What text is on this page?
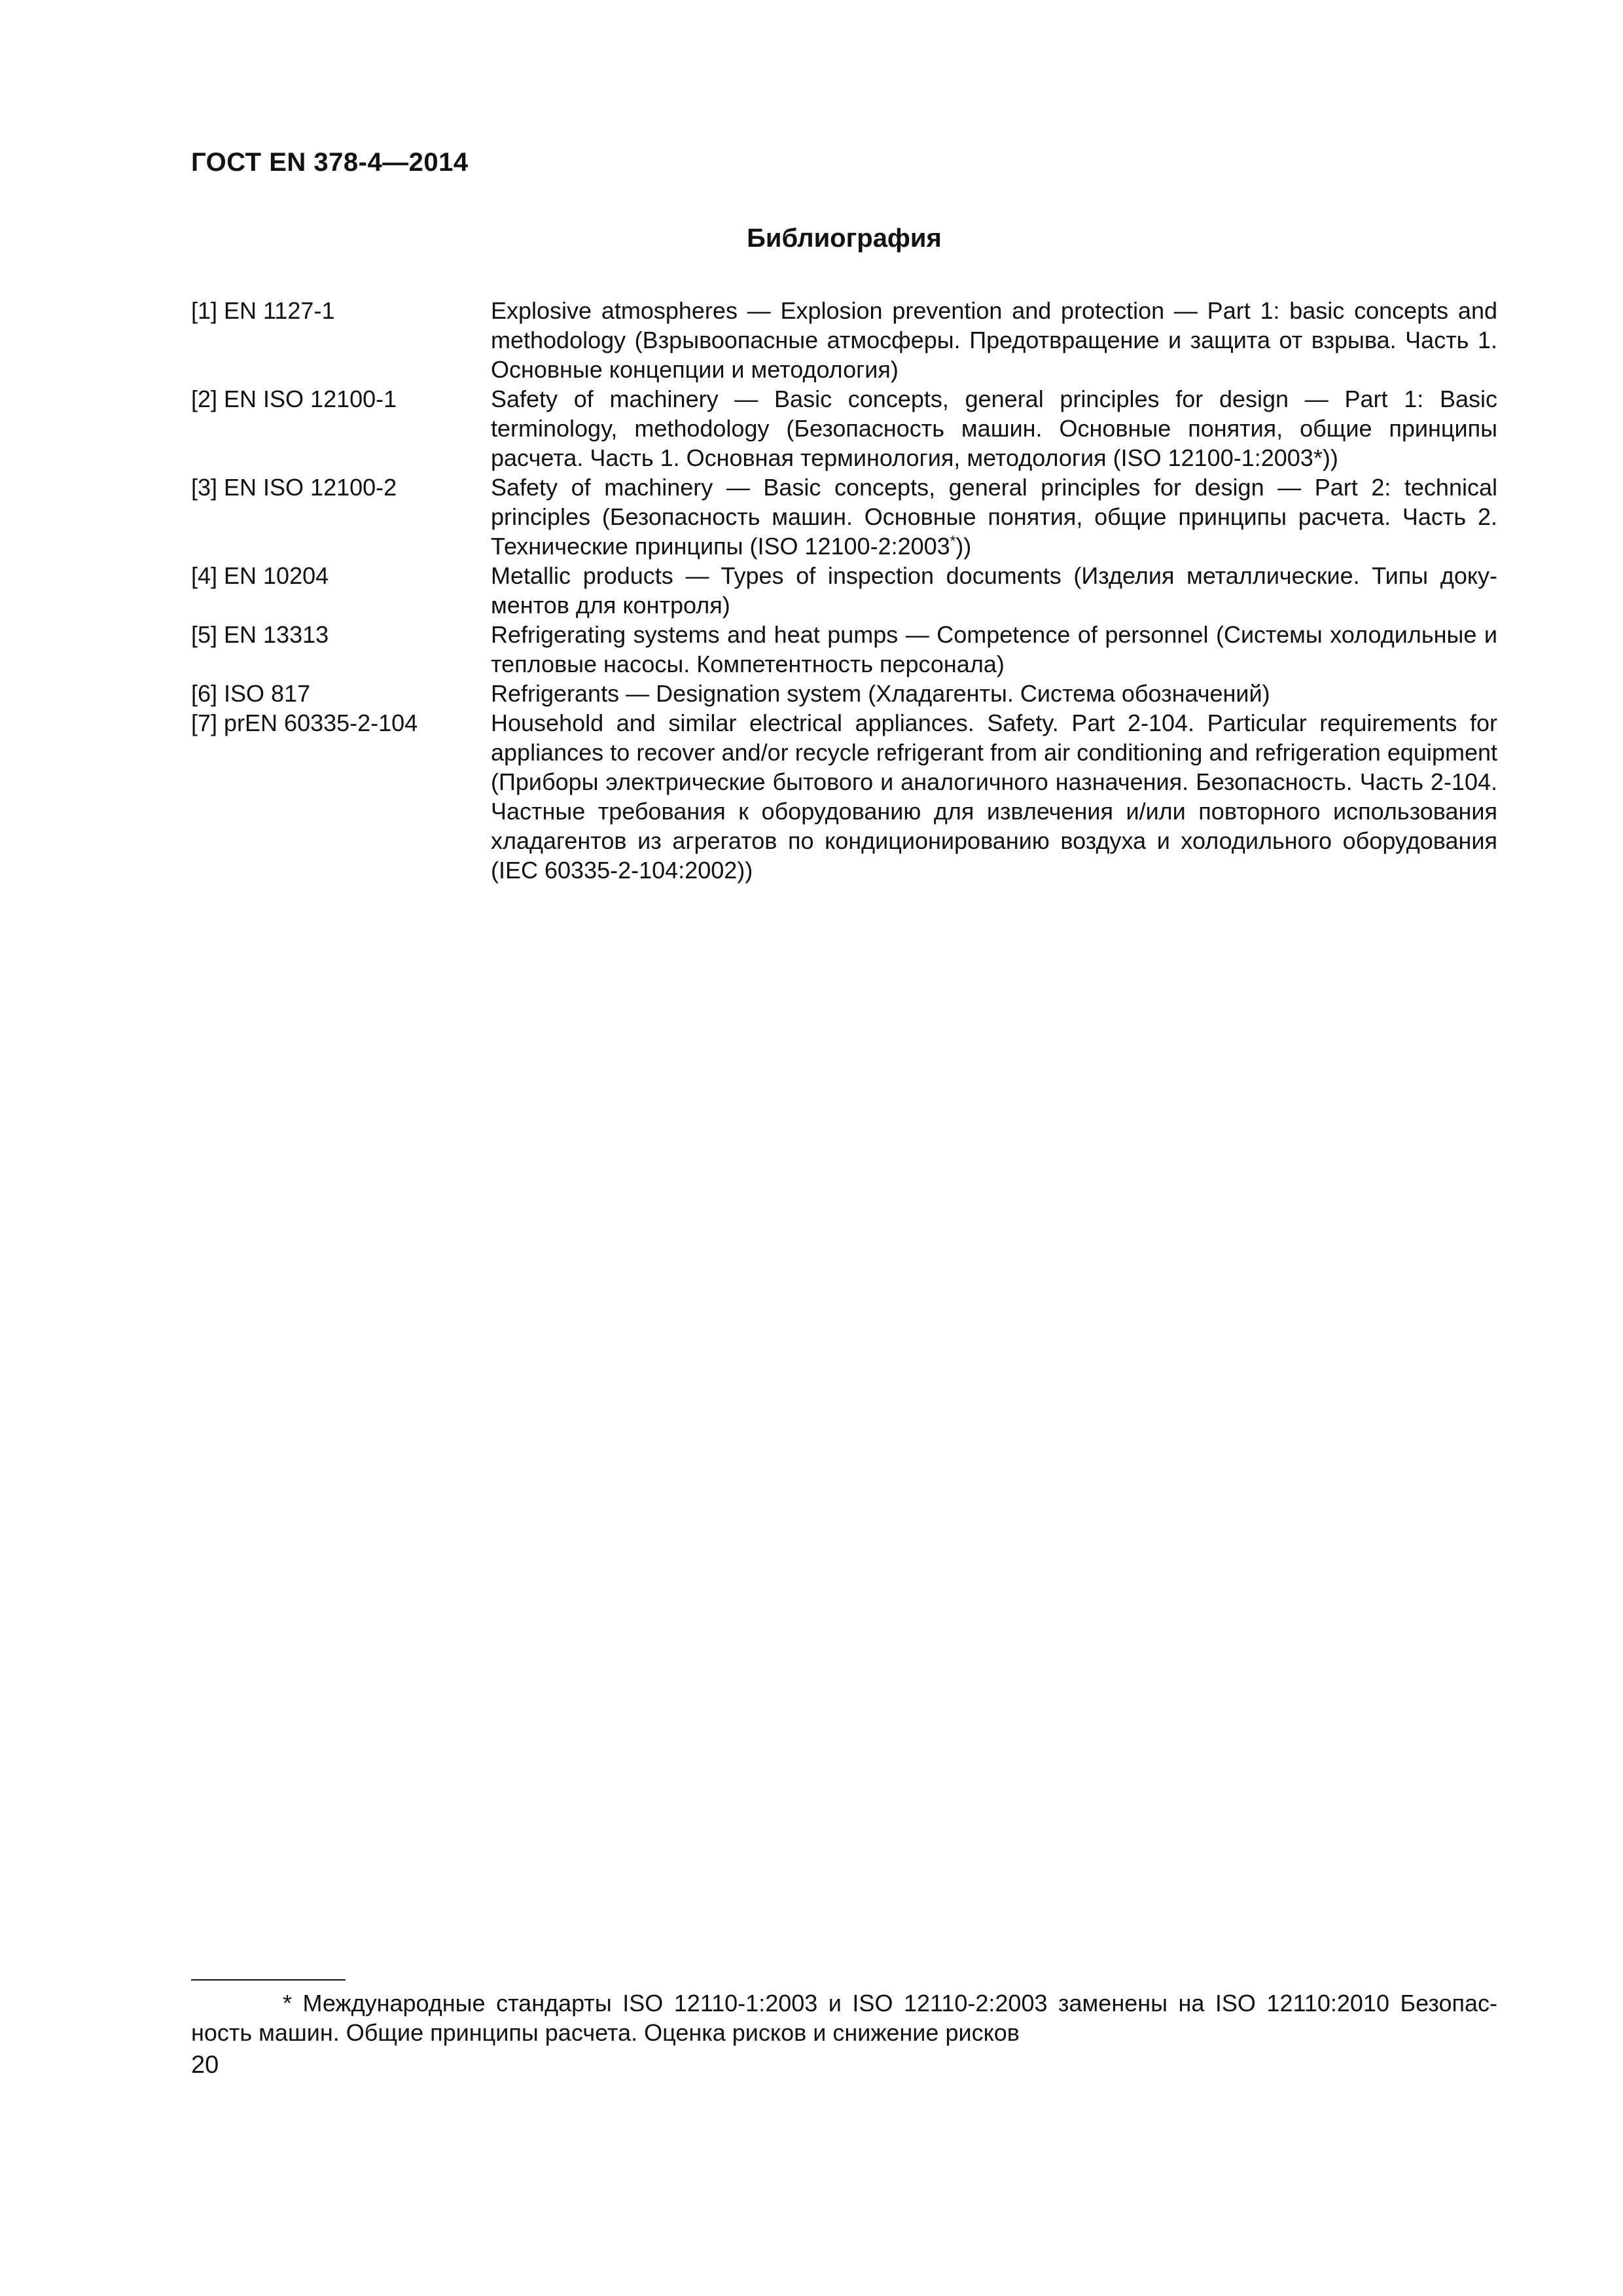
ГОСТ EN 378-4—2014
Библиография
[1] EN 1127-1	Explosive atmospheres — Explosion prevention and protection — Part 1: basic concepts and methodology (Взрывоопасные атмосферы. Предотвращение и защита от взрыва. Часть 1. Основные концепции и методология)
[2] EN ISO 12100-1	Safety of machinery — Basic concepts, general principles for design — Part 1: Basic terminology, methodology (Безопасность машин. Основные понятия, общие принципы расчета. Часть 1. Основная терминология, методология (ISO 12100-1:2003*))
[3] EN ISO 12100-2	Safety of machinery — Basic concepts, general principles for design — Part 2: technical principles (Безопасность машин. Основные понятия, общие принципы расчета. Часть 2. Технические принципы (ISO 12100-2:2003*))
[4] EN 10204	Metallic products — Types of inspection documents (Изделия металлические. Типы документов для контроля)
[5] EN 13313	Refrigerating systems and heat pumps — Competence of personnel (Системы холодильные и тепловые насосы. Компетентность персонала)
[6] ISO 817	Refrigerants — Designation system (Хладагенты. Система обозначений)
[7] prEN 60335-2-104	Household and similar electrical appliances. Safety. Part 2-104. Particular requirements for appliances to recover and/or recycle refrigerant from air conditioning and refrigeration equipment (Приборы электрические бытового и аналогичного назначения. Безопасность. Часть 2-104. Частные требования к оборудованию для извлечения и/или повторного использования хладагентов из агрегатов по кондиционированию воздуха и холодильного оборудования (IEC 60335-2-104:2002))
* Международные стандарты ISO 12110-1:2003 и ISO 12110-2:2003 заменены на ISO 12110:2010 Безопасность машин. Общие принципы расчета. Оценка рисков и снижение рисков
20
